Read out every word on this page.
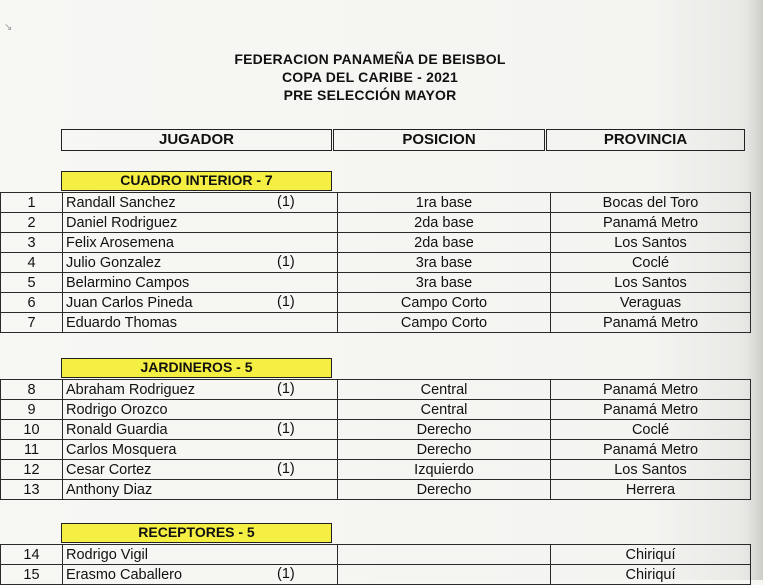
↘
FEDERACION PANAMEÑA DE BEISBOL
COPA DEL CARIBE - 2021
PRE SELECCIÓN MAYOR
JUGADOR	POSICION	PROVINCIA
CUADRO INTERIOR - 7
1	Randall Sanchez (1)	1ra base	Bocas del Toro
2	Daniel Rodriguez	2da base	Panamá Metro
3	Felix Arosemena	2da base	Los Santos
4	Julio Gonzalez (1)	3ra base	Coclé
5	Belarmino Campos	3ra base	Los Santos
6	Juan Carlos Pineda (1)	Campo Corto	Veraguas
7	Eduardo Thomas	Campo Corto	Panamá Metro
JARDINEROS - 5
8	Abraham Rodriguez (1)	Central	Panamá Metro
9	Rodrigo Orozco	Central	Panamá Metro
10	Ronald Guardia (1)	Derecho	Coclé
11	Carlos Mosquera	Derecho	Panamá Metro
12	Cesar Cortez (1)	Izquierdo	Los Santos
13	Anthony Diaz	Derecho	Herrera
RECEPTORES - 5
14	Rodrigo Vigil		Chiriquí
15	Erasmo Caballero (1)		Chiriquí
